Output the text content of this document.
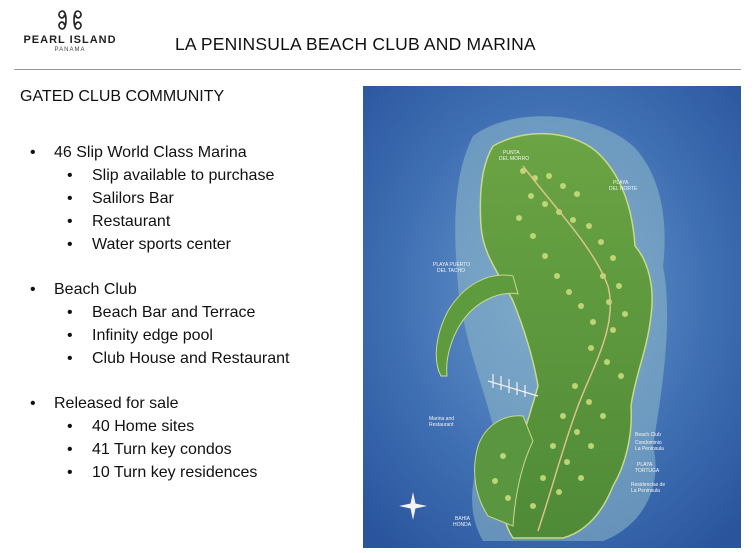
PEARL ISLAND
PANAMA	LA PENINSULA BEACH CLUB AND MARINA
GATED CLUB COMMUNITY
• 46 Slip World Class Marina
• Slip available to purchase
• Salilors Bar
• Restaurant
• Water sports center
• Beach Club
• Beach Bar and Terrace
• Infinity edge pool
• Club House and Restaurant
• Released for sale
• 40 Home sites
• 41 Turn key condos
• 10 Turn key residences
PUNTA
DEL MORRO
PLAYA
DEL NORTE
PLAYA PUERTO
DEL TACHO
Marina and
Restaurant
Beach Club
Condominio
La Peninsula
PLAYA
TORTUGA
Residencias de
La Peninsula
BAHIA
HONDA
